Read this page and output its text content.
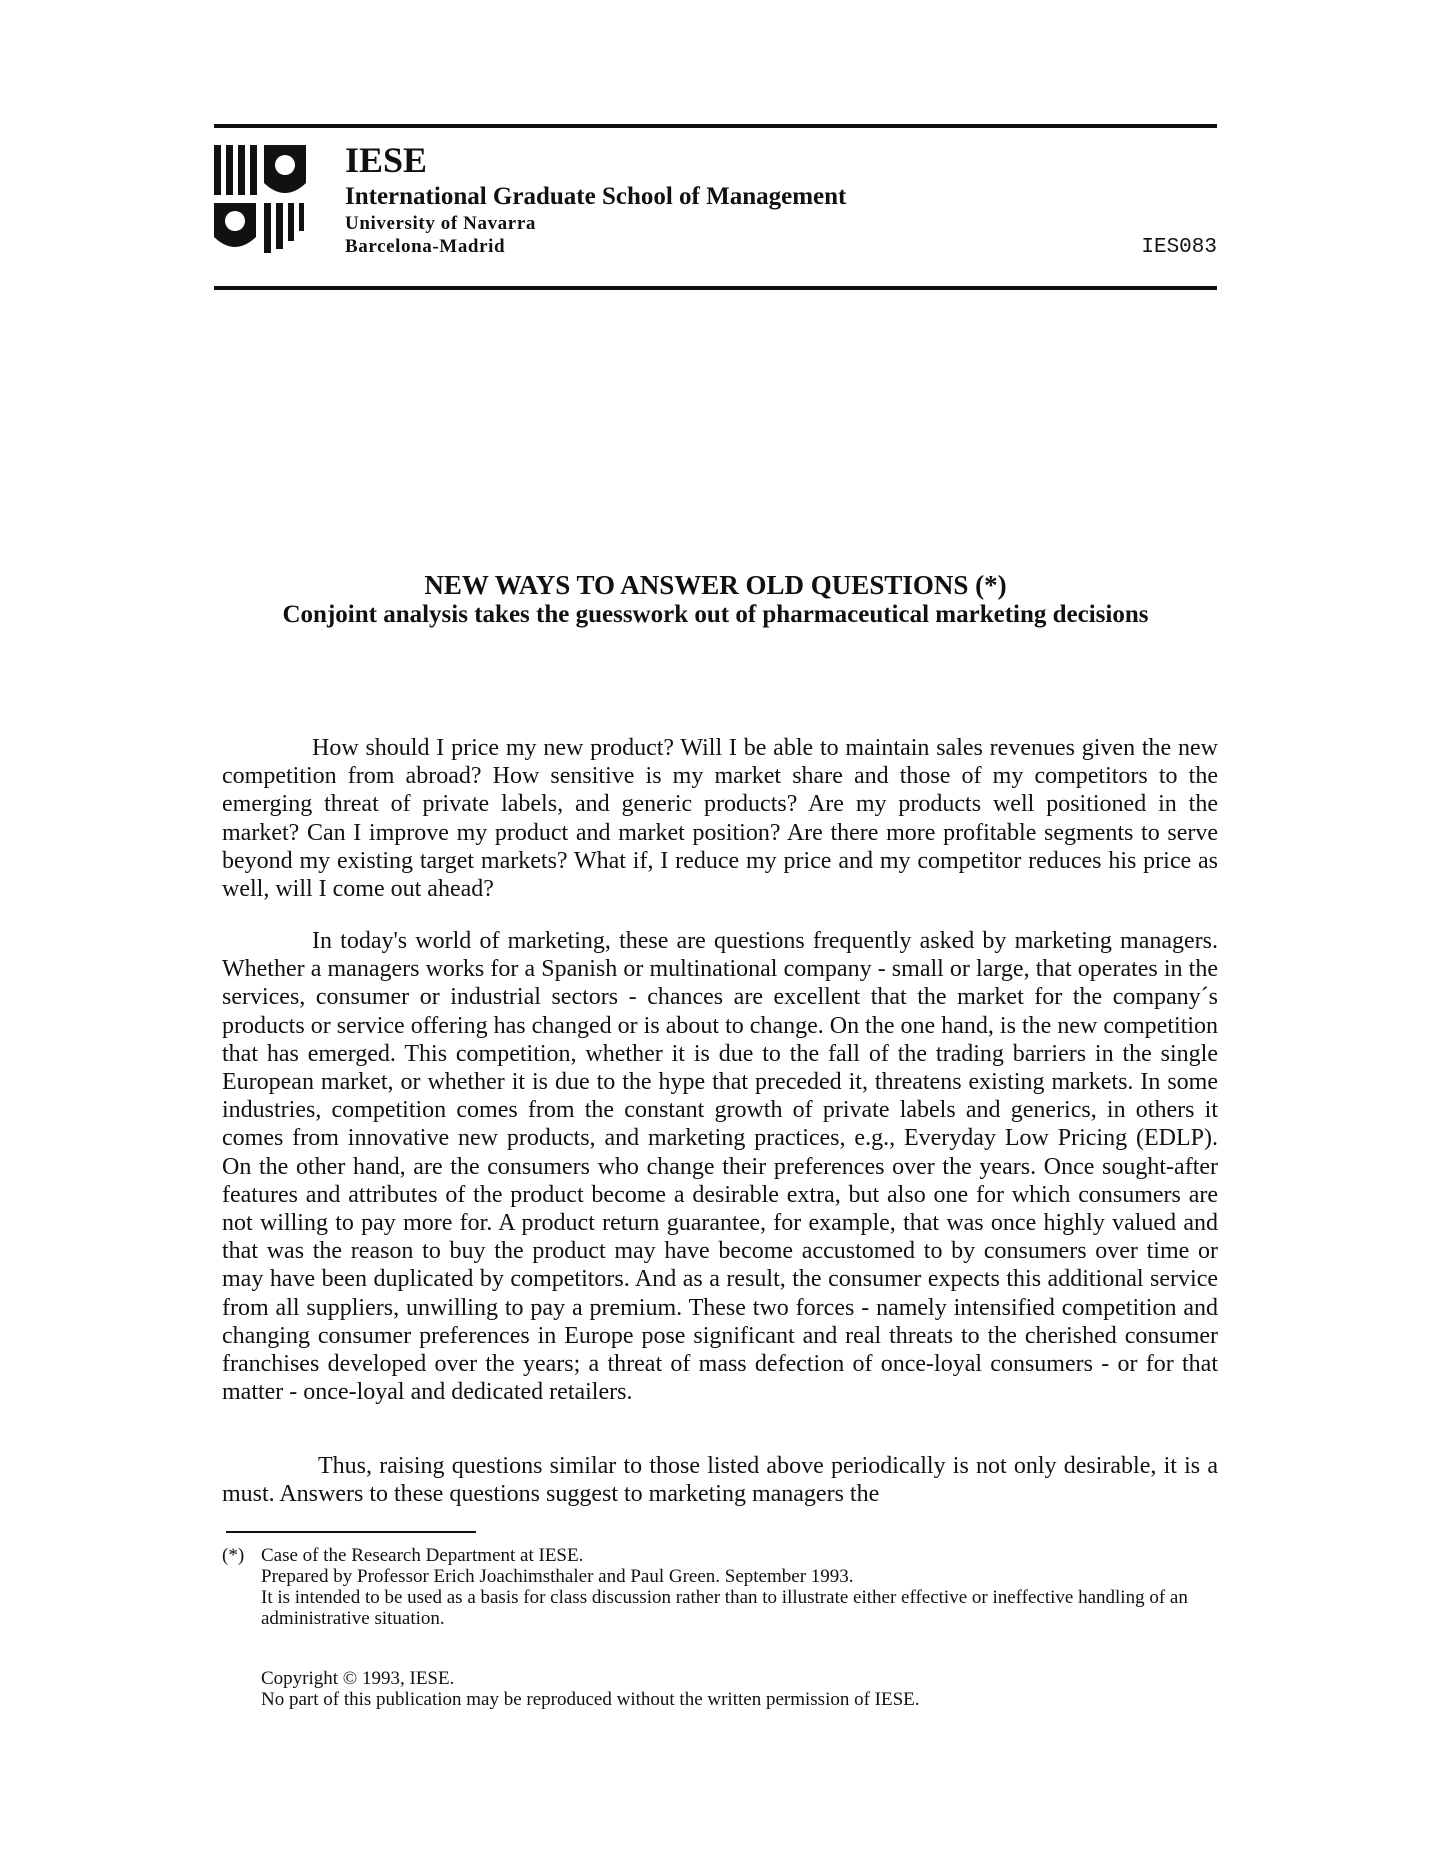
IESE
International Graduate School of Management
University of Navarra
Barcelona-Madrid	IES083
NEW WAYS TO ANSWER OLD QUESTIONS (*)
Conjoint analysis takes the guesswork out of pharmaceutical marketing decisions
How should I price my new product? Will I be able to maintain sales revenues given the new competition from abroad? How sensitive is my market share and those of my competitors to the emerging threat of private labels, and generic products? Are my products well positioned in the market? Can I improve my product and market position? Are there more profitable segments to serve beyond my existing target markets? What if, I reduce my price and my competitor reduces his price as well, will I come out ahead?
In today's world of marketing, these are questions frequently asked by marketing managers. Whether a managers works for a Spanish or multinational company - small or large, that operates in the services, consumer or industrial sectors - chances are excellent that the market for the company´s products or service offering has changed or is about to change. On the one hand, is the new competition that has emerged. This competition, whether it is due to the fall of the trading barriers in the single European market, or whether it is due to the hype that preceded it, threatens existing markets. In some industries, competition comes from the constant growth of private labels and generics, in others it comes from innovative new products, and marketing practices, e.g., Everyday Low Pricing (EDLP). On the other hand, are the consumers who change their preferences over the years. Once sought-after features and attributes of the product become a desirable extra, but also one for which consumers are not willing to pay more for. A product return guarantee, for example, that was once highly valued and that was the reason to buy the product may have become accustomed to by consumers over time or may have been duplicated by competitors. And as a result, the consumer expects this additional service from all suppliers, unwilling to pay a premium. These two forces - namely intensified competition and changing consumer preferences in Europe pose significant and real threats to the cherished consumer franchises developed over the years; a threat of mass defection of once-loyal consumers - or for that matter - once-loyal and dedicated retailers.
Thus, raising questions similar to those listed above periodically is not only desirable, it is a must. Answers to these questions suggest to marketing managers the
(*) Case of the Research Department at IESE.
Prepared by Professor Erich Joachimsthaler and Paul Green. September 1993.
It is intended to be used as a basis for class discussion rather than to illustrate either effective or ineffective handling of an administrative situation.
Copyright © 1993, IESE.
No part of this publication may be reproduced without the written permission of IESE.
